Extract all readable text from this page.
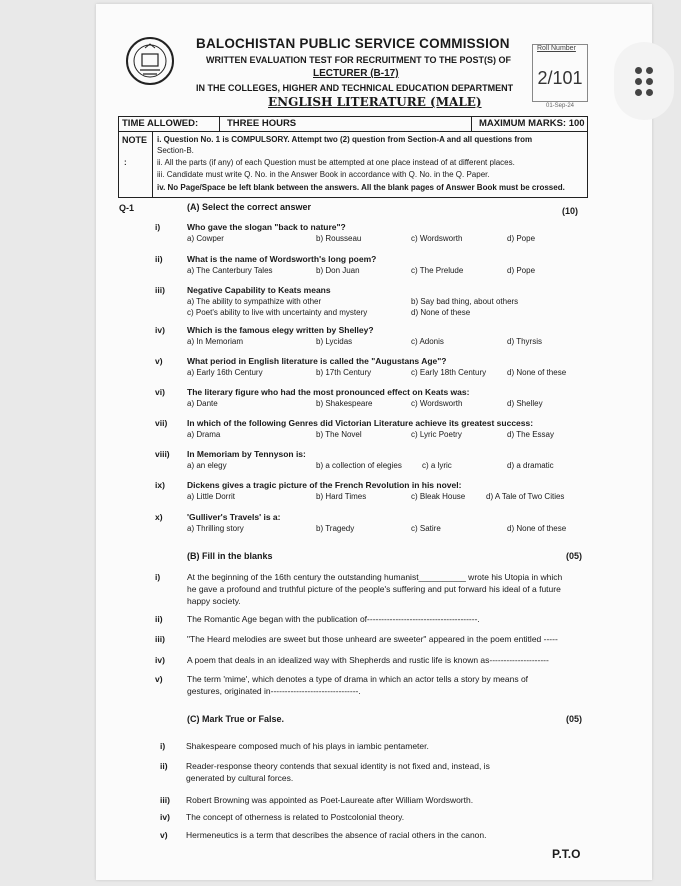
BALOCHISTAN PUBLIC SERVICE COMMISSION
WRITTEN EVALUATION TEST FOR RECRUITMENT TO THE POST(S) OF
LECTURER (B-17)
IN THE COLLEGES, HIGHER AND TECHNICAL EDUCATION DEPARTMENT
ENGLISH LITERATURE (MALE)
Roll Number
2/101
01-Sep-24
TIME ALLOWED:	THREE HOURS	MAXIMUM MARKS: 100
NOTE
:
i. Question No. 1 is COMPULSORY. Attempt two (2) question from Section-A and all questions from
Section-B.
ii. All the parts (if any) of each Question must be attempted at one place instead of at different places.
iii. Candidate must write Q. No. in the Answer Book in accordance with Q. No. in the Q. Paper.
iv. No Page/Space be left blank between the answers. All the blank pages of Answer Book must be crossed.
Q-1	(A) Select the correct answer	(10)
i)	Who gave the slogan "back to nature"?
a) Cowper	b) Rousseau	c) Wordsworth	d) Pope
ii)	What is the name of Wordsworth's long poem?
a) The Canterbury Tales	b) Don Juan	c) The Prelude	d) Pope
iii)	Negative Capability to Keats means
a) The ability to sympathize with other	b) Say bad thing, about others
c) Poet's ability to live with uncertainty and mystery	d) None of these
iv)	Which is the famous elegy written by Shelley?
a) In Memoriam	b) Lycidas	c) Adonis	d) Thyrsis
v)	What period in English literature is called the "Augustans Age"?
a) Early 16th Century	b) 17th Century	c) Early 18th Century	d) None of these
vi)	The literary figure who had the most pronounced effect on Keats was:
a) Dante	b) Shakespeare	c) Wordsworth	d) Shelley
vii) In which of the following Genres did Victorian Literature achieve its greatest success:
a) Drama	b) The Novel	c) Lyric Poetry	d) The Essay
viii) In Memoriam by Tennyson is:
a) an elegy	b) a collection of elegies	c) a lyric	d) a dramatic
ix)	Dickens gives a tragic picture of the French Revolution in his novel:
a) Little Dorrit	b) Hard Times	c) Bleak House	d) A Tale of Two Cities
x)	'Gulliver's Travels' is a:
a) Thrilling story	b) Tragedy	c) Satire	d) None of these
(B) Fill in the blanks	(05)
i)	At the beginning of the 16th century the outstanding humanist__________ wrote his Utopia in which
he gave a profound and truthful picture of the people's suffering and put forward his ideal of a future
happy society.
ii)	The Romantic Age began with the publication of---------------------------------------.
iii)	"The Heard melodies are sweet but those unheard are sweeter" appeared in the poem entitled -----
iv)	A poem that deals in an idealized way with Shepherds and rustic life is known as---------------------
v)	The term 'mime', which denotes a type of drama in which an actor tells a story by means of
gestures, originated in-------------------------------.
(C) Mark True or False.	(05)
i) Shakespeare composed much of his plays in iambic pentameter.
ii) Reader-response theory contends that sexual identity is not fixed and, instead, is
generated by cultural forces.
iii) Robert Browning was appointed as Poet-Laureate after William Wordsworth.
iv) The concept of otherness is related to Postcolonial theory.
v) Hermeneutics is a term that describes the absence of racial others in the canon.
P.T.O
